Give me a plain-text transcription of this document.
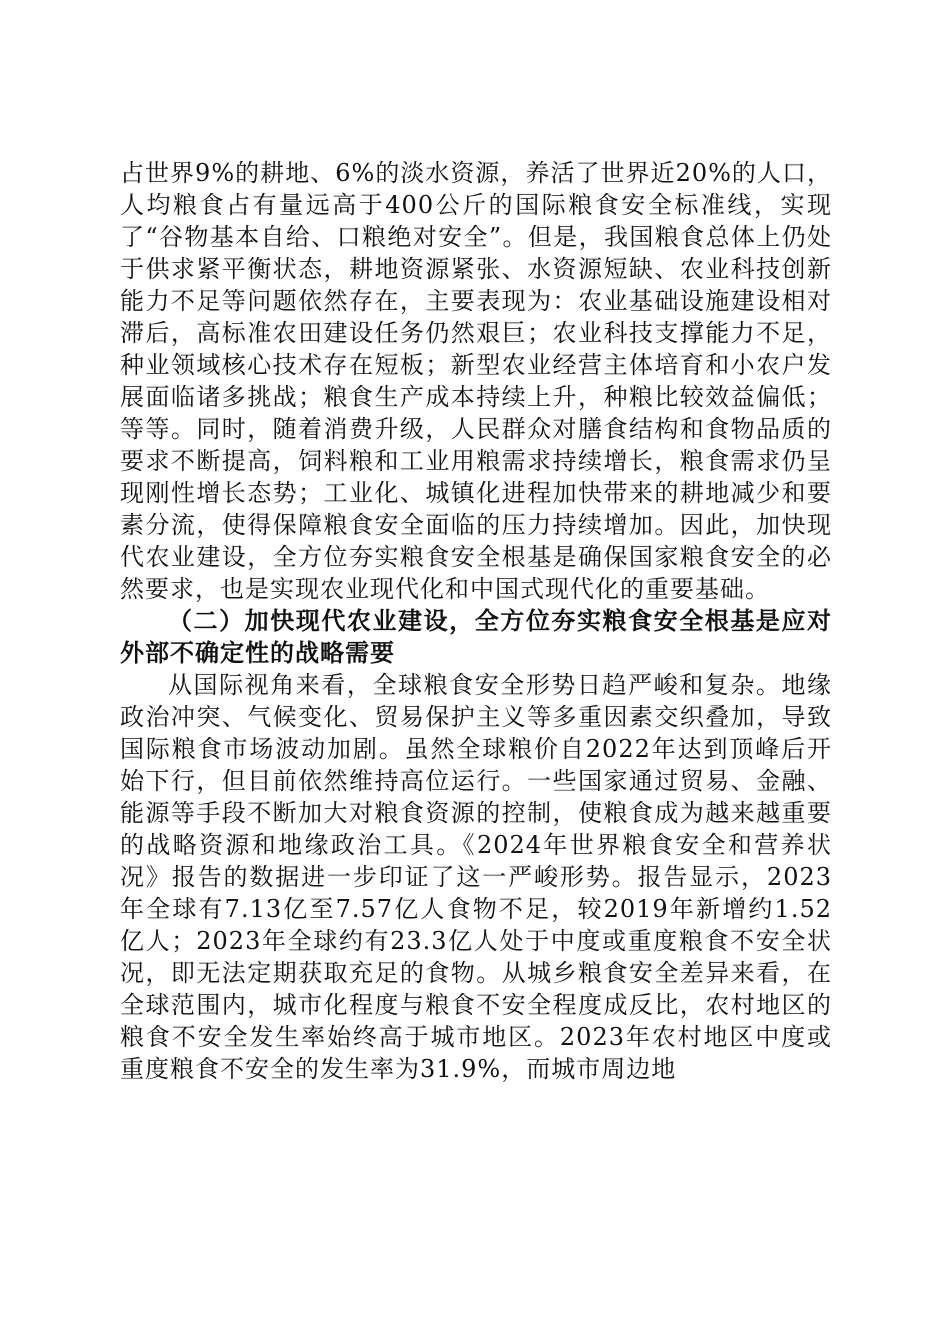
占世界9%的耕地、6%的淡水资源，养活了世界近20%的人口，人均粮食占有量远高于400公斤的国际粮食安全标准线，实现了“谷物基本自给、口粮绝对安全”。但是，我国粮食总体上仍处于供求紧平衡状态，耕地资源紧张、水资源短缺、农业科技创新能力不足等问题依然存在，主要表现为：农业基础设施建设相对滞后，高标准农田建设任务仍然艰巨；农业科技支撑能力不足，种业领域核心技术存在短板；新型农业经营主体培育和小农户发展面临诸多挑战；粮食生产成本持续上升，种粮比较效益偏低；等等。同时，随着消费升级，人民群众对膳食结构和食物品质的要求不断提高，饲料粮和工业用粮需求持续增长，粮食需求仍呈现刚性增长态势；工业化、城镇化进程加快带来的耕地减少和要素分流，使得保障粮食安全面临的压力持续增加。因此，加快现代农业建设，全方位夯实粮食安全根基是确保国家粮食安全的必然要求，也是实现农业现代化和中国式现代化的重要基础。

（二）加快现代农业建设，全方位夯实粮食安全根基是应对外部不确定性的战略需要

从国际视角来看，全球粮食安全形势日趋严峻和复杂。地缘政治冲突、气候变化、贸易保护主义等多重因素交织叠加，导致国际粮食市场波动加剧。虽然全球粮价自2022年达到顶峰后开始下行，但目前依然维持高位运行。一些国家通过贸易、金融、能源等手段不断加大对粮食资源的控制，使粮食成为越来越重要的战略资源和地缘政治工具。《2024年世界粮食安全和营养状况》报告的数据进一步印证了这一严峻形势。报告显示，2023年全球有7.13亿至7.57亿人食物不足，较2019年新增约1.52亿人；2023年全球约有23.3亿人处于中度或重度粮食不安全状况，即无法定期获取充足的食物。从城乡粮食安全差异来看，在全球范围内，城市化程度与粮食不安全程度成反比，农村地区的粮食不安全发生率始终高于城市地区。2023年农村地区中度或重度粮食不安全的发生率为31.9%，而城市周边地
